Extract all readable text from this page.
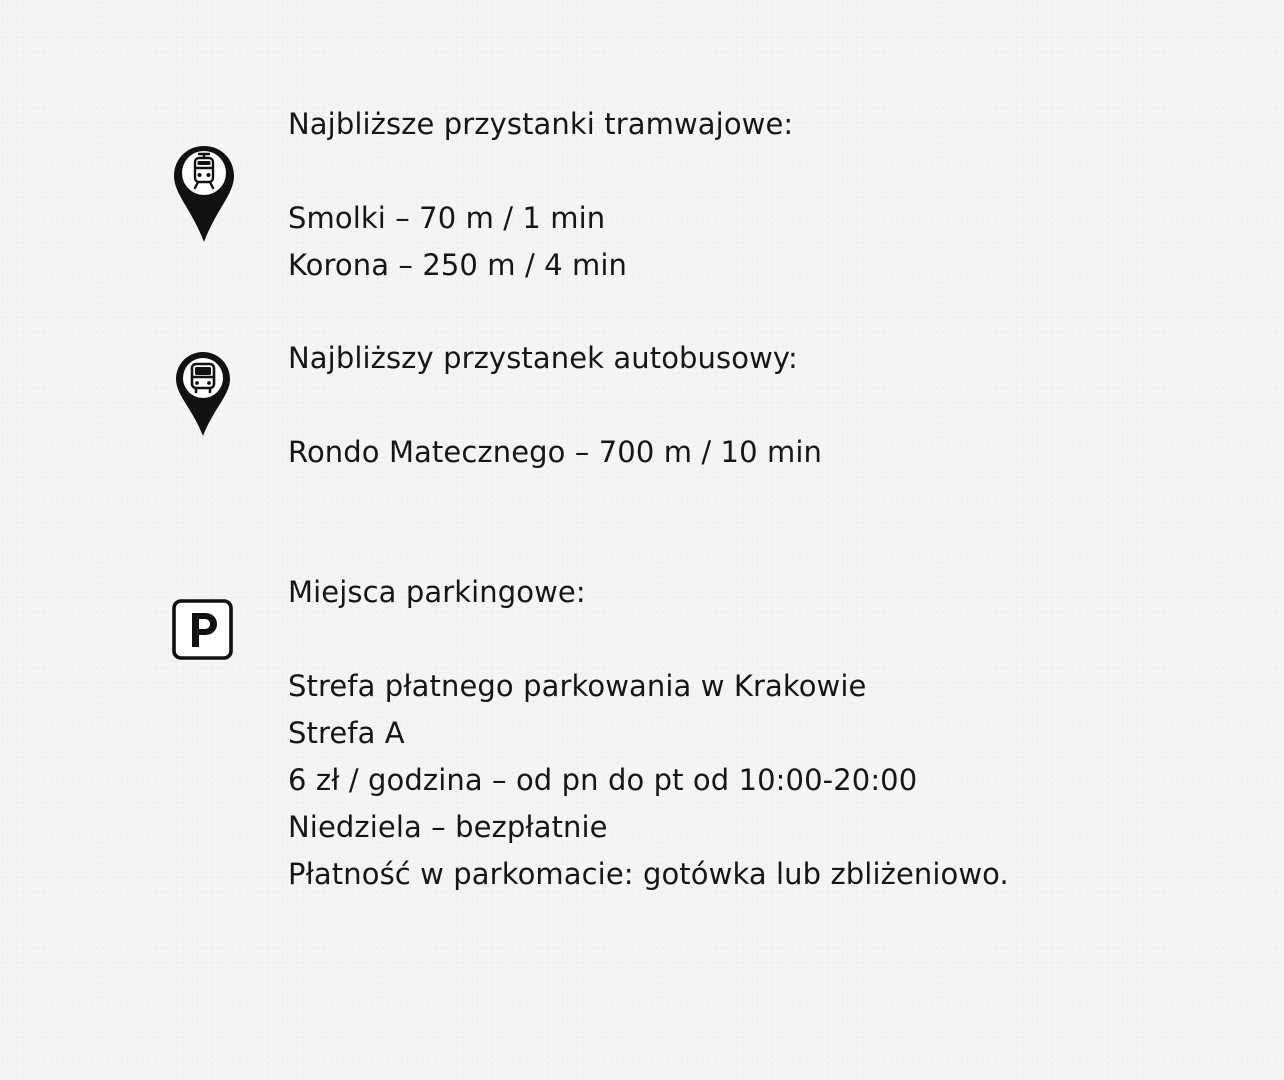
Najbliższe przystanki tramwajowe:
Smolki – 70 m / 1 min
Korona – 250 m / 4 min
Najbliższy przystanek autobusowy:
Rondo Matecznego – 700 m / 10 min
Miejsca parkingowe:
Strefa płatnego parkowania w Krakowie
Strefa A
6 zł / godzina – od pn do pt od 10:00-20:00
Niedziela – bezpłatnie
Płatność w parkomacie: gotówka lub zbliżeniowo.
